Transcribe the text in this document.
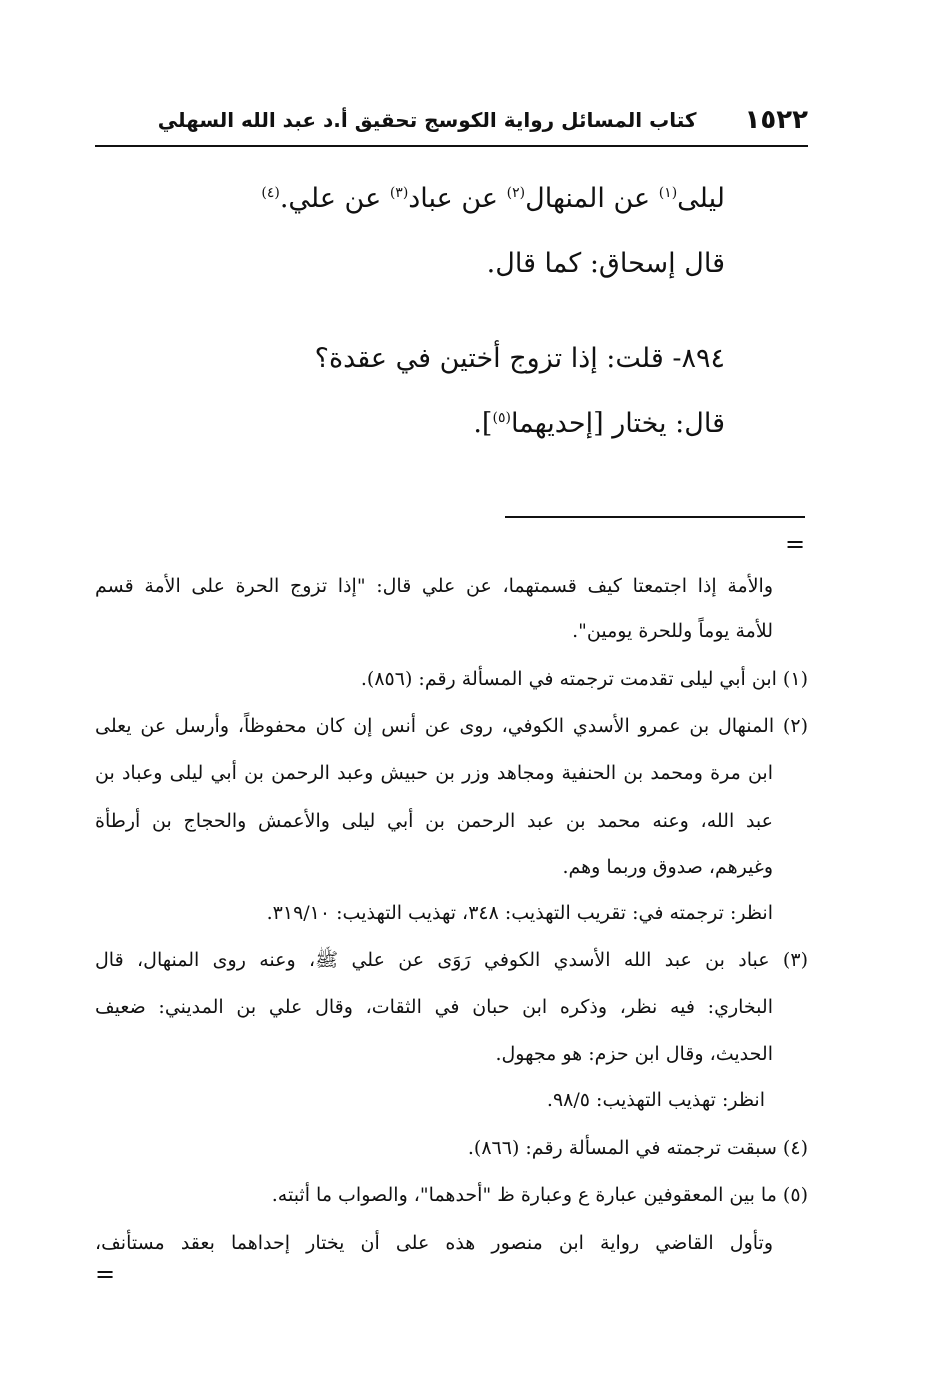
١٥٢٢
كتاب المسائل رواية الكوسج تحقيق أ.د عبد الله السهلي
ليلى$^{(١)}$ عن المنهال$^{(٢)}$ عن عباد$^{(٣)}$ عن علي.$^{(٤)}$
قال إسحاق: كما قال.
٨٩٤- قلت: إذا تزوج أختين في عقدة؟
قال: يختار [إحديهما$^{(٥)}$].
=
والأمة إذا اجتمعتا كيف قسمتهما، عن علي قال: "إذا تزوج الحرة على الأمة قسم
للأمة يوماً وللحرة يومين".
(١) ابن أبي ليلى تقدمت ترجمته في المسألة رقم: (٨٥٦).
(٢) المنهال بن عمرو الأسدي الكوفي، روى عن أنس إن كان محفوظاً، وأرسل عن يعلى
ابن مرة ومحمد بن الحنفية ومجاهد وزر بن حبيش وعبد الرحمن بن أبي ليلى وعباد بن
عبد الله، وعنه محمد بن عبد الرحمن بن أبي ليلى والأعمش والحجاج بن أرطأة
وغيرهم، صدوق وربما وهم.
انظر: ترجمته في: تقريب التهذيب: ٣٤٨، تهذيب التهذيب: ٣١٩/١٠.
(٣) عباد بن عبد الله الأسدي الكوفي رَوَى عن علي ﷺ، وعنه روى المنهال، قال
البخاري: فيه نظر، وذكره ابن حبان في الثقات، وقال علي بن المديني: ضعيف
الحديث، وقال ابن حزم: هو مجهول.
انظر: تهذيب التهذيب: ٩٨/٥.
(٤) سبقت ترجمته في المسألة رقم: (٨٦٦).
(٥) ما بين المعقوفين عبارة ع وعبارة ظ "أحدهما"، والصواب ما أثبته.
وتأول القاضي رواية ابن منصور هذه على أن يختار إحداهما بعقد مستأنف،
=
